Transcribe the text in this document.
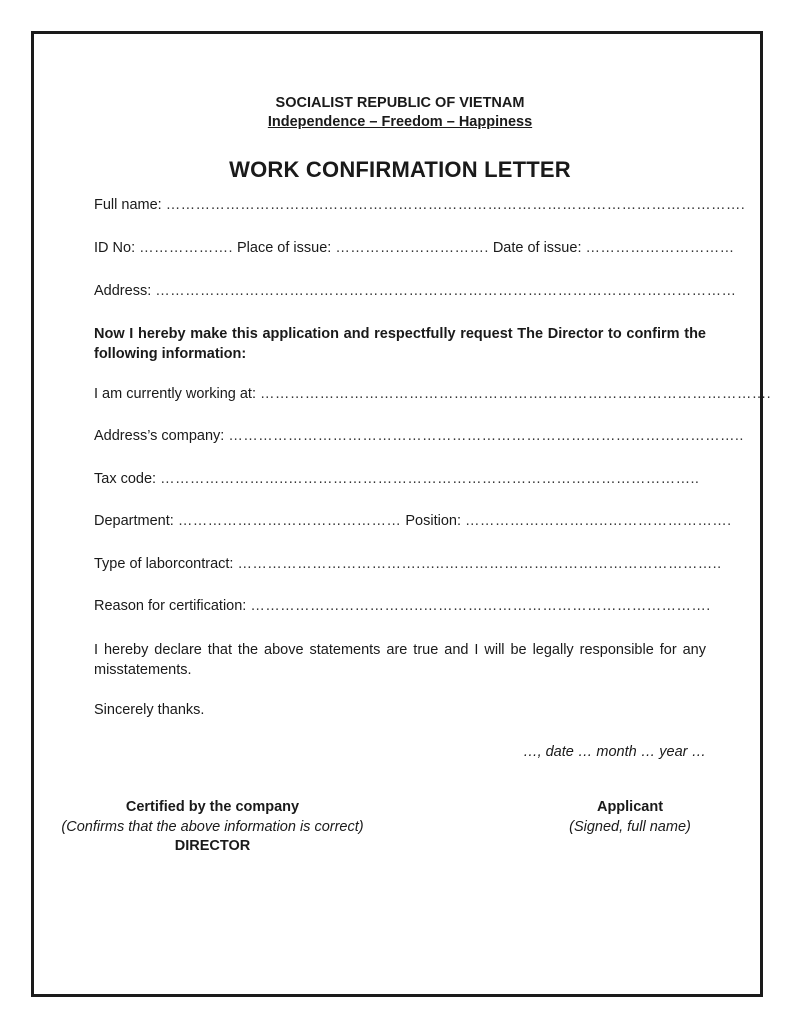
SOCIALIST REPUBLIC OF VIETNAM
Independence – Freedom – Happiness
WORK CONFIRMATION LETTER
Full name: …………………………..………………………………………………………………………….
ID No: ………………. Place of issue: …………………………. Date of issue: …………………………
Address: ………………………………………………………………………………………………………
Now I hereby make this application and respectfully request The Director to confirm the following information:
I am currently working at: ………………………………………………………………………………………….
Address’s company: …………………………………………………………………………………………..
Tax code: ……………………..………………………………………………………………………..
Department: ……………………………………… Position: ………………………..…………………….
Type of laborcontract: ……………………………….…..………………………………………………..
Reason for certification: ……………………………..………………………………………………….
I hereby declare that the above statements are true and I will be legally responsible for any misstatements.
Sincerely thanks.
…, date … month … year …
Certified by the company
(Confirms that the above information is correct)
DIRECTOR
Applicant
(Signed, full name)
